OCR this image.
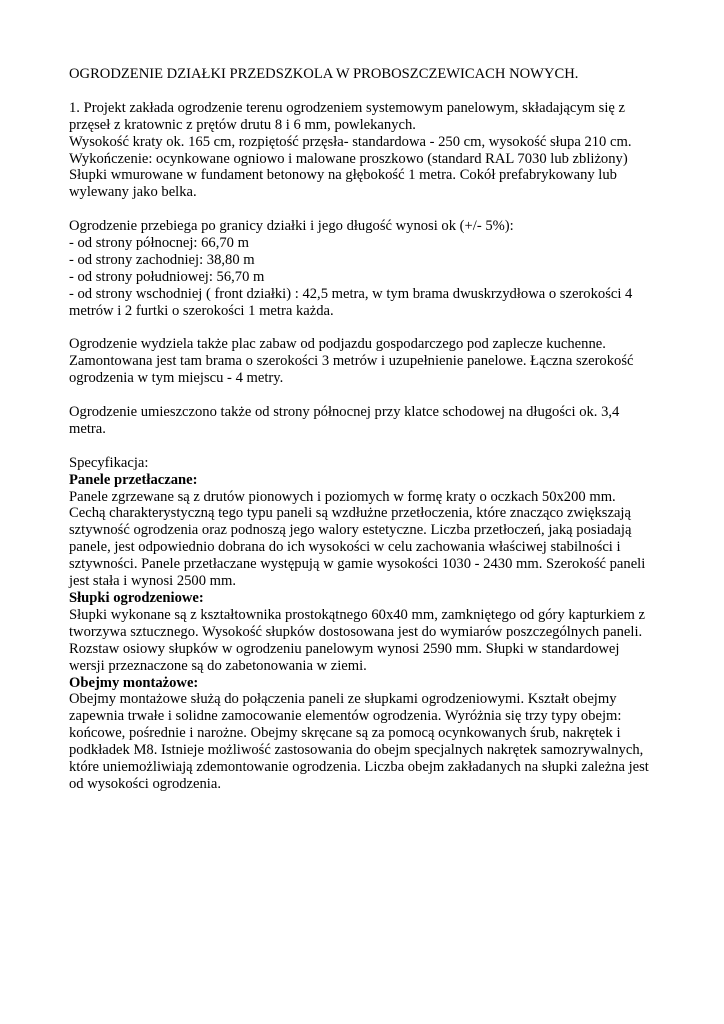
OGRODZENIE DZIAŁKI PRZEDSZKOLA W PROBOSZCZEWICACH NOWYCH.

1. Projekt zakłada ogrodzenie terenu ogrodzeniem systemowym panelowym, składającym się z
przęseł z kratownic z prętów drutu 8 i 6 mm, powlekanych.
Wysokość kraty ok. 165 cm, rozpiętość przęsła- standardowa - 250 cm, wysokość słupa 210 cm.
Wykończenie: ocynkowane ogniowo i malowane proszkowo (standard RAL 7030 lub zbliżony)
Słupki wmurowane w fundament betonowy na głębokość 1 metra. Cokół prefabrykowany lub
wylewany jako belka.
Ogrodzenie przebiega po granicy działki i jego długość wynosi ok (+/- 5%):
- od strony północnej: 66,70 m
- od strony zachodniej: 38,80 m
- od strony południowej: 56,70 m
- od strony wschodniej ( front działki) : 42,5 metra, w tym brama dwuskrzydłowa o szerokości 4
metrów i 2 furtki o szerokości 1 metra każda.
Ogrodzenie wydziela także plac zabaw od podjazdu gospodarczego pod zaplecze kuchenne.
Zamontowana jest tam brama o szerokości 3 metrów i uzupełnienie panelowe. Łączna szerokość
ogrodzenia w tym miejscu - 4 metry.
Ogrodzenie umieszczono także od strony północnej przy klatce schodowej na długości ok. 3,4
metra.
Specyfikacja:
Panele przetłaczane:
Panele zgrzewane są z drutów pionowych i poziomych w formę kraty o oczkach 50x200 mm.
Cechą charakterystyczną tego typu paneli są wzdłużne przetłoczenia, które znacząco zwiększają
sztywność ogrodzenia oraz podnoszą jego walory estetyczne. Liczba przetłoczeń, jaką posiadają
panele, jest odpowiednio dobrana do ich wysokości w celu zachowania właściwej stabilności i
sztywności. Panele przetłaczane występują w gamie wysokości 1030 - 2430 mm. Szerokość paneli
jest stała i wynosi 2500 mm.
Słupki ogrodzeniowe:
Słupki wykonane są z kształtownika prostokątnego 60x40 mm, zamkniętego od góry kapturkiem z
tworzywa sztucznego. Wysokość słupków dostosowana jest do wymiarów poszczególnych paneli.
Rozstaw osiowy słupków w ogrodzeniu panelowym wynosi 2590 mm. Słupki w standardowej
wersji przeznaczone są do zabetonowania w ziemi.
Obejmy montażowe:
Obejmy montażowe służą do połączenia paneli ze słupkami ogrodzeniowymi. Kształt obejmy
zapewnia trwałe i solidne zamocowanie elementów ogrodzenia. Wyróżnia się trzy typy obejm:
końcowe, pośrednie i narożne. Obejmy skręcane są za pomocą ocynkowanych śrub, nakrętek i
podkładek M8. Istnieje możliwość zastosowania do obejm specjalnych nakrętek samozrywalnych,
które uniemożliwiają zdemontowanie ogrodzenia. Liczba obejm zakładanych na słupki zależna jest
od wysokości ogrodzenia.
